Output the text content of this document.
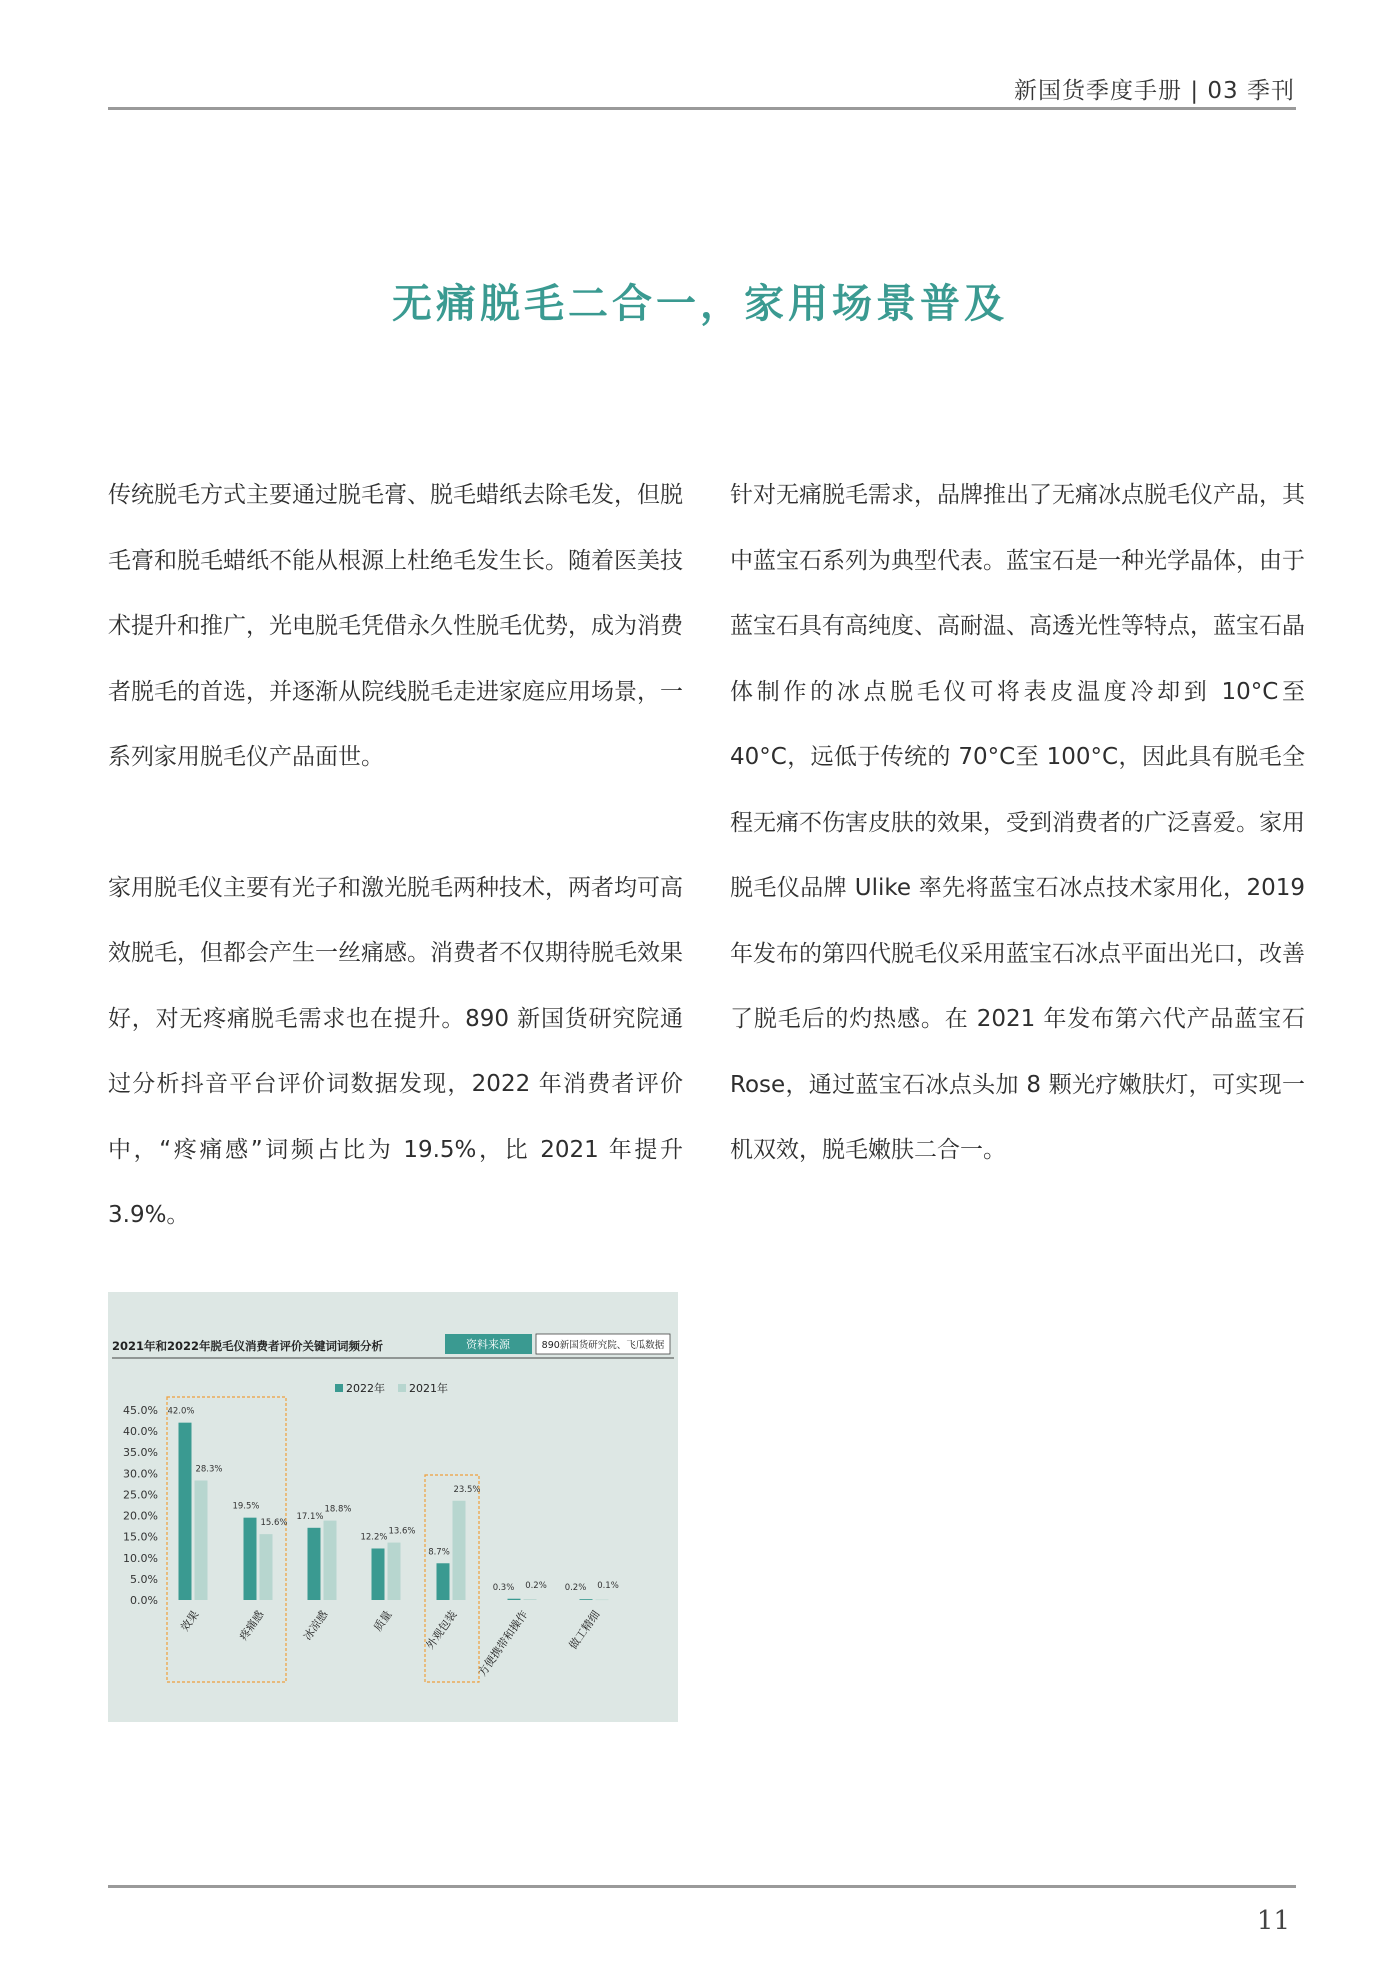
新国货季度手册 | 03 季刊
无痛脱毛二合一，家用场景普及

传统脱毛方式主要通过脱毛膏、脱毛蜡纸去除毛发，但脱毛膏和脱毛蜡纸不能从根源上杜绝毛发生长。随着医美技术提升和推广，光电脱毛凭借永久性脱毛优势，成为消费者脱毛的首选，并逐渐从院线脱毛走进家庭应用场景，一系列家用脱毛仪产品面世。

家用脱毛仪主要有光子和激光脱毛两种技术，两者均可高效脱毛，但都会产生一丝痛感。消费者不仅期待脱毛效果好，对无疼痛脱毛需求也在提升。890 新国货研究院通过分析抖音平台评价词数据发现，2022 年消费者评价中，“疼痛感”词频占比为 19.5%，比 2021 年提升 3.9%。

针对无痛脱毛需求，品牌推出了无痛冰点脱毛仪产品，其中蓝宝石系列为典型代表。蓝宝石是一种光学晶体，由于蓝宝石具有高纯度、高耐温、高透光性等特点，蓝宝石晶体制作的冰点脱毛仪可将表皮温度冷却到 10°C至 40°C，远低于传统的 70°C至 100°C，因此具有脱毛全程无痛不伤害皮肤的效果，受到消费者的广泛喜爱。家用脱毛仪品牌 Ulike 率先将蓝宝石冰点技术家用化，2019 年发布的第四代脱毛仪采用蓝宝石冰点平面出光口，改善了脱毛后的灼热感。在 2021 年发布第六代产品蓝宝石 Rose，通过蓝宝石冰点头加 8 颗光疗嫩肤灯，可实现一机双效，脱毛嫩肤二合一。

2021年和2022年脱毛仪消费者评价关键词词频分析	资料来源	890新国货研究院、飞瓜数据
2022年 2021年
0.0%
5.0%
10.0%
15.0%
20.0%
25.0%
30.0%
35.0%
40.0%
45.0% 42.0%
28.3%
19.5%
15.6%
17.1%
18.8%
12.2%
13.6%
8.7%
23.5%
0.3% 0.2% 0.2% 0.1%
效果	疼痛感	冰凉感	质量	外观包装 方便携带和操作	做工精细
11
